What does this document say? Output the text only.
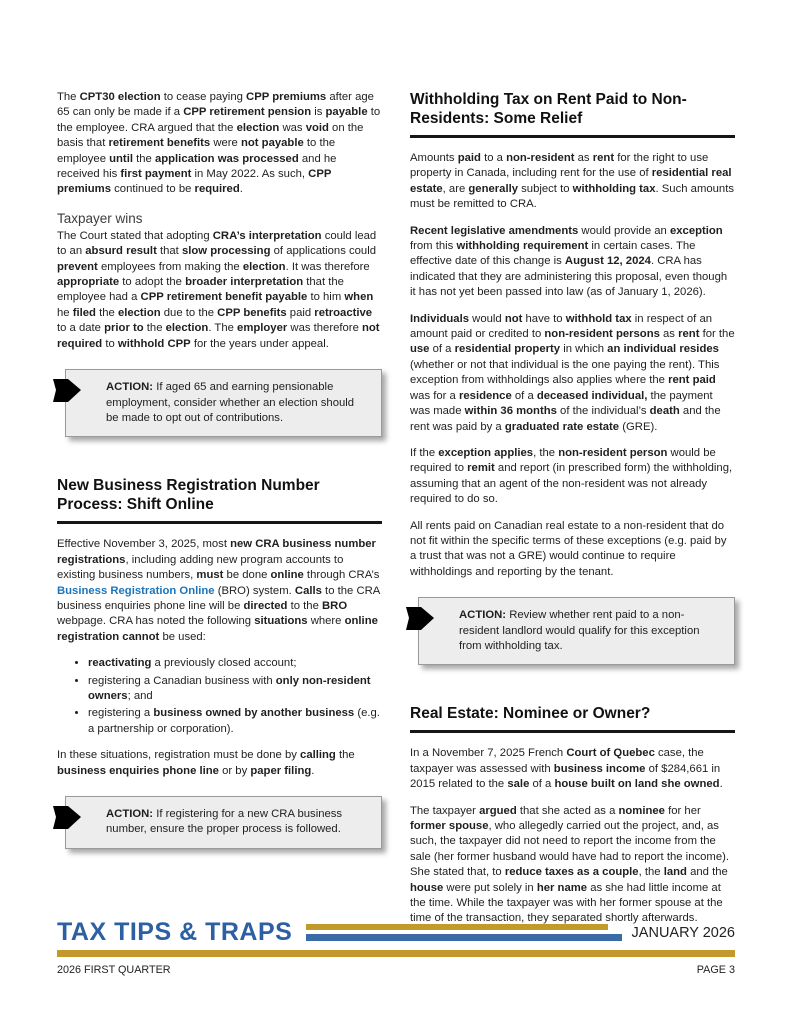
The CPT30 election to cease paying CPP premiums after age 65 can only be made if a CPP retirement pension is payable to the employee. CRA argued that the election was void on the basis that retirement benefits were not payable to the employee until the application was processed and he received his first payment in May 2022. As such, CPP premiums continued to be required.

Taxpayer wins

The Court stated that adopting CRA’s interpretation could lead to an absurd result that slow processing of applications could prevent employees from making the election. It was therefore appropriate to adopt the broader interpretation that the employee had a CPP retirement benefit payable to him when he filed the election due to the CPP benefits paid retroactive to a date prior to the election. The employer was therefore not required to withhold CPP for the years under appeal.

ACTION: If aged 65 and earning pensionable employment, consider whether an election should be made to opt out of contributions.
New Business Registration Number Process: Shift Online

Effective November 3, 2025, most new CRA business number registrations, including adding new program accounts to existing business numbers, must be done online through CRA’s Business Registration Online (BRO) system. Calls to the CRA business enquiries phone line will be directed to the BRO webpage. CRA has noted the following situations where online registration cannot be used:

• reactivating a previously closed account;
• registering a Canadian business with only non-resident owners; and
• registering a business owned by another business (e.g. a partnership or corporation).

In these situations, registration must be done by calling the business enquiries phone line or by paper filing.

ACTION: If registering for a new CRA business number, ensure the proper process is followed.
Withholding Tax on Rent Paid to Non-Residents: Some Relief

Amounts paid to a non-resident as rent for the right to use property in Canada, including rent for the use of residential real estate, are generally subject to withholding tax. Such amounts must be remitted to CRA.

Recent legislative amendments would provide an exception from this withholding requirement in certain cases. The effective date of this change is August 12, 2024. CRA has indicated that they are administering this proposal, even though it has not yet been passed into law (as of January 1, 2026).

Individuals would not have to withhold tax in respect of an amount paid or credited to non-resident persons as rent for the use of a residential property in which an individual resides (whether or not that individual is the one paying the rent). This exception from withholdings also applies where the rent paid was for a residence of a deceased individual, the payment was made within 36 months of the individual’s death and the rent was paid by a graduated rate estate (GRE).

If the exception applies, the non-resident person would be required to remit and report (in prescribed form) the withholding, assuming that an agent of the non-resident was not already required to do so.

All rents paid on Canadian real estate to a non-resident that do not fit within the specific terms of these exceptions (e.g. paid by a trust that was not a GRE) would continue to require withholdings and reporting by the tenant.

ACTION: Review whether rent paid to a non-resident landlord would qualify for this exception from withholding tax.
Real Estate: Nominee or Owner?

In a November 7, 2025 French Court of Quebec case, the taxpayer was assessed with business income of $284,661 in 2015 related to the sale of a house built on land she owned.

The taxpayer argued that she acted as a nominee for her former spouse, who allegedly carried out the project, and, as such, the taxpayer did not need to report the income from the sale (her former husband would have had to report the income). She stated that, to reduce taxes as a couple, the land and the house were put solely in her name as she had little income at the time. While the taxpayer was with her former spouse at the time of the transaction, they separated shortly afterwards.

TAX TIPS & TRAPS	JANUARY 2026
2026 FIRST QUARTER	PAGE 3
